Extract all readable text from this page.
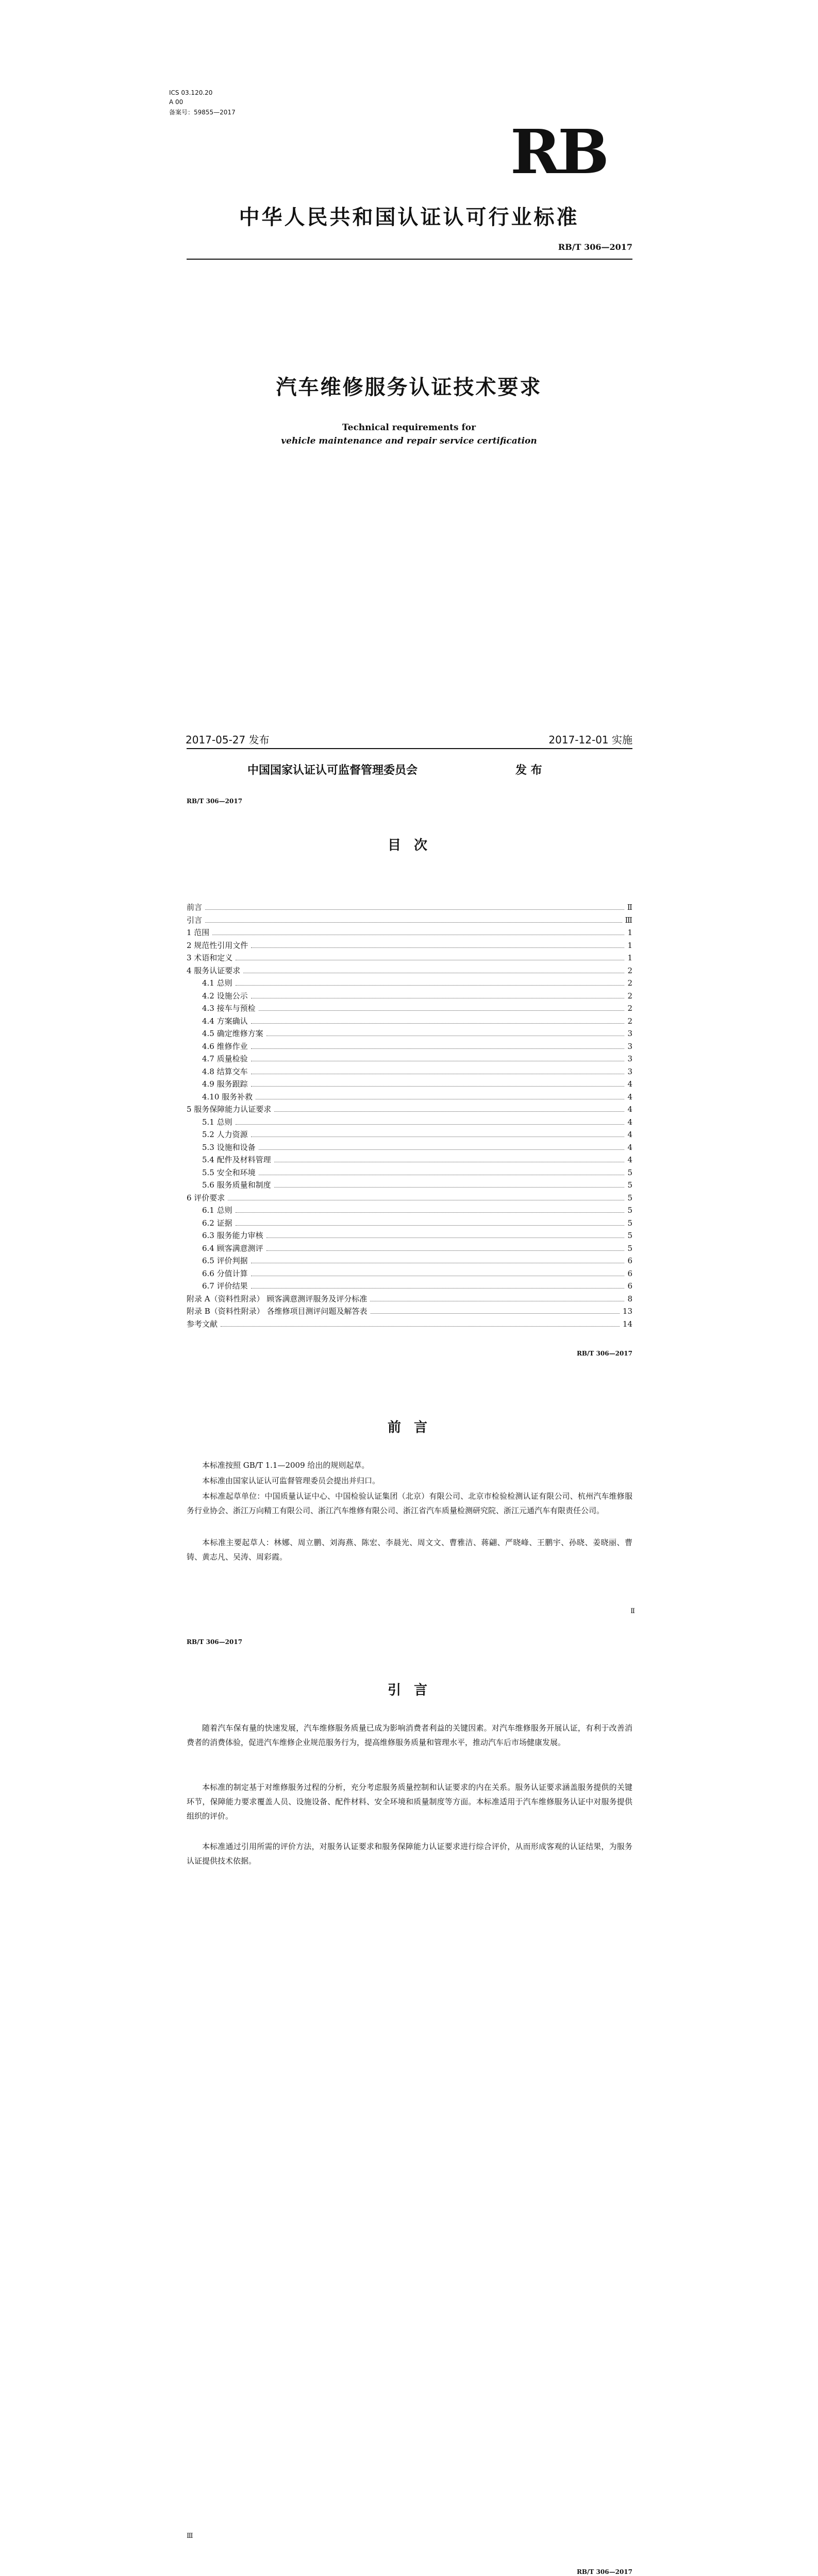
ICS 03.120.20
A 00
备案号：59855—2017
RB
中华人民共和国认证认可行业标准
RB/T 306—2017
汽车维修服务认证技术要求
Technical requirements for
vehicle maintenance and repair service certification
2017-05-27 发布	2017-12-01 实施
中国国家认证认可监督管理委员会	发 布
RB/T 306—2017
目 次
前言	Ⅱ
引言	Ⅲ
1 范围	1
2 规范性引用文件	1
3 术语和定义	1
4 服务认证要求	2
4.1 总则	2
4.2 设施公示	2
4.3 接车与预检	2
4.4 方案确认	2
4.5 确定维修方案	3
4.6 维修作业	3
4.7 质量检验	3
4.8 结算交车	3
4.9 服务跟踪	4
4.10 服务补救	4
5 服务保障能力认证要求	4
5.1 总则	4
5.2 人力资源	4
5.3 设施和设备	4
5.4 配件及材料管理	4
5.5 安全和环境	5
5.6 服务质量和制度	5
6 评价要求	5
6.1 总则	5
6.2 证据	5
6.3 服务能力审核	5
6.4 顾客满意测评	5
6.5 评价判据	6
6.6 分值计算	6
6.7 评价结果	6
附录 A（资料性附录） 顾客满意测评服务及评分标准	8
附录 B（资料性附录） 各维修项目测评问题及解答表	13
参考文献	14
RB/T 306—2017
前 言
本标准按照 GB/T 1.1—2009 给出的规则起草。
本标准由国家认证认可监督管理委员会提出并归口。
本标准起草单位：中国质量认证中心、中国检验认证集团（北京）有限公司、北京市检验检测认证有限公司、杭州汽车维修服务行业协会、浙江万向精工有限公司、浙江汽车维修有限公司、浙江省汽车质量检测研究院、浙江元通汽车有限责任公司。
本标准主要起草人：林娜、周立鹏、刘海燕、陈宏、李晨光、周文文、曹雅洁、蒋翩、严晓峰、王鹏宇、孙晓、姜晓丽、曹铸、黄志凡、吴涛、周彩霞。
Ⅱ
RB/T 306—2017
引 言
随着汽车保有量的快速发展，汽车维修服务质量已成为影响消费者利益的关键因素。对汽车维修服务开展认证，有利于改善消费者的消费体验，促进汽车维修企业规范服务行为，提高维修服务质量和管理水平，推动汽车后市场健康发展。
本标准的制定基于对维修服务过程的分析，充分考虑服务质量控制和认证要求的内在关系。服务认证要求涵盖服务提供的关键环节，保障能力要求覆盖人员、设施设备、配件材料、安全环境和质量制度等方面。本标准适用于汽车维修服务认证中对服务提供组织的评价。
本标准通过引用所需的评价方法，对服务认证要求和服务保障能力认证要求进行综合评价，从而形成客观的认证结果，为服务认证提供技术依据。
Ⅲ
RB/T 306—2017
